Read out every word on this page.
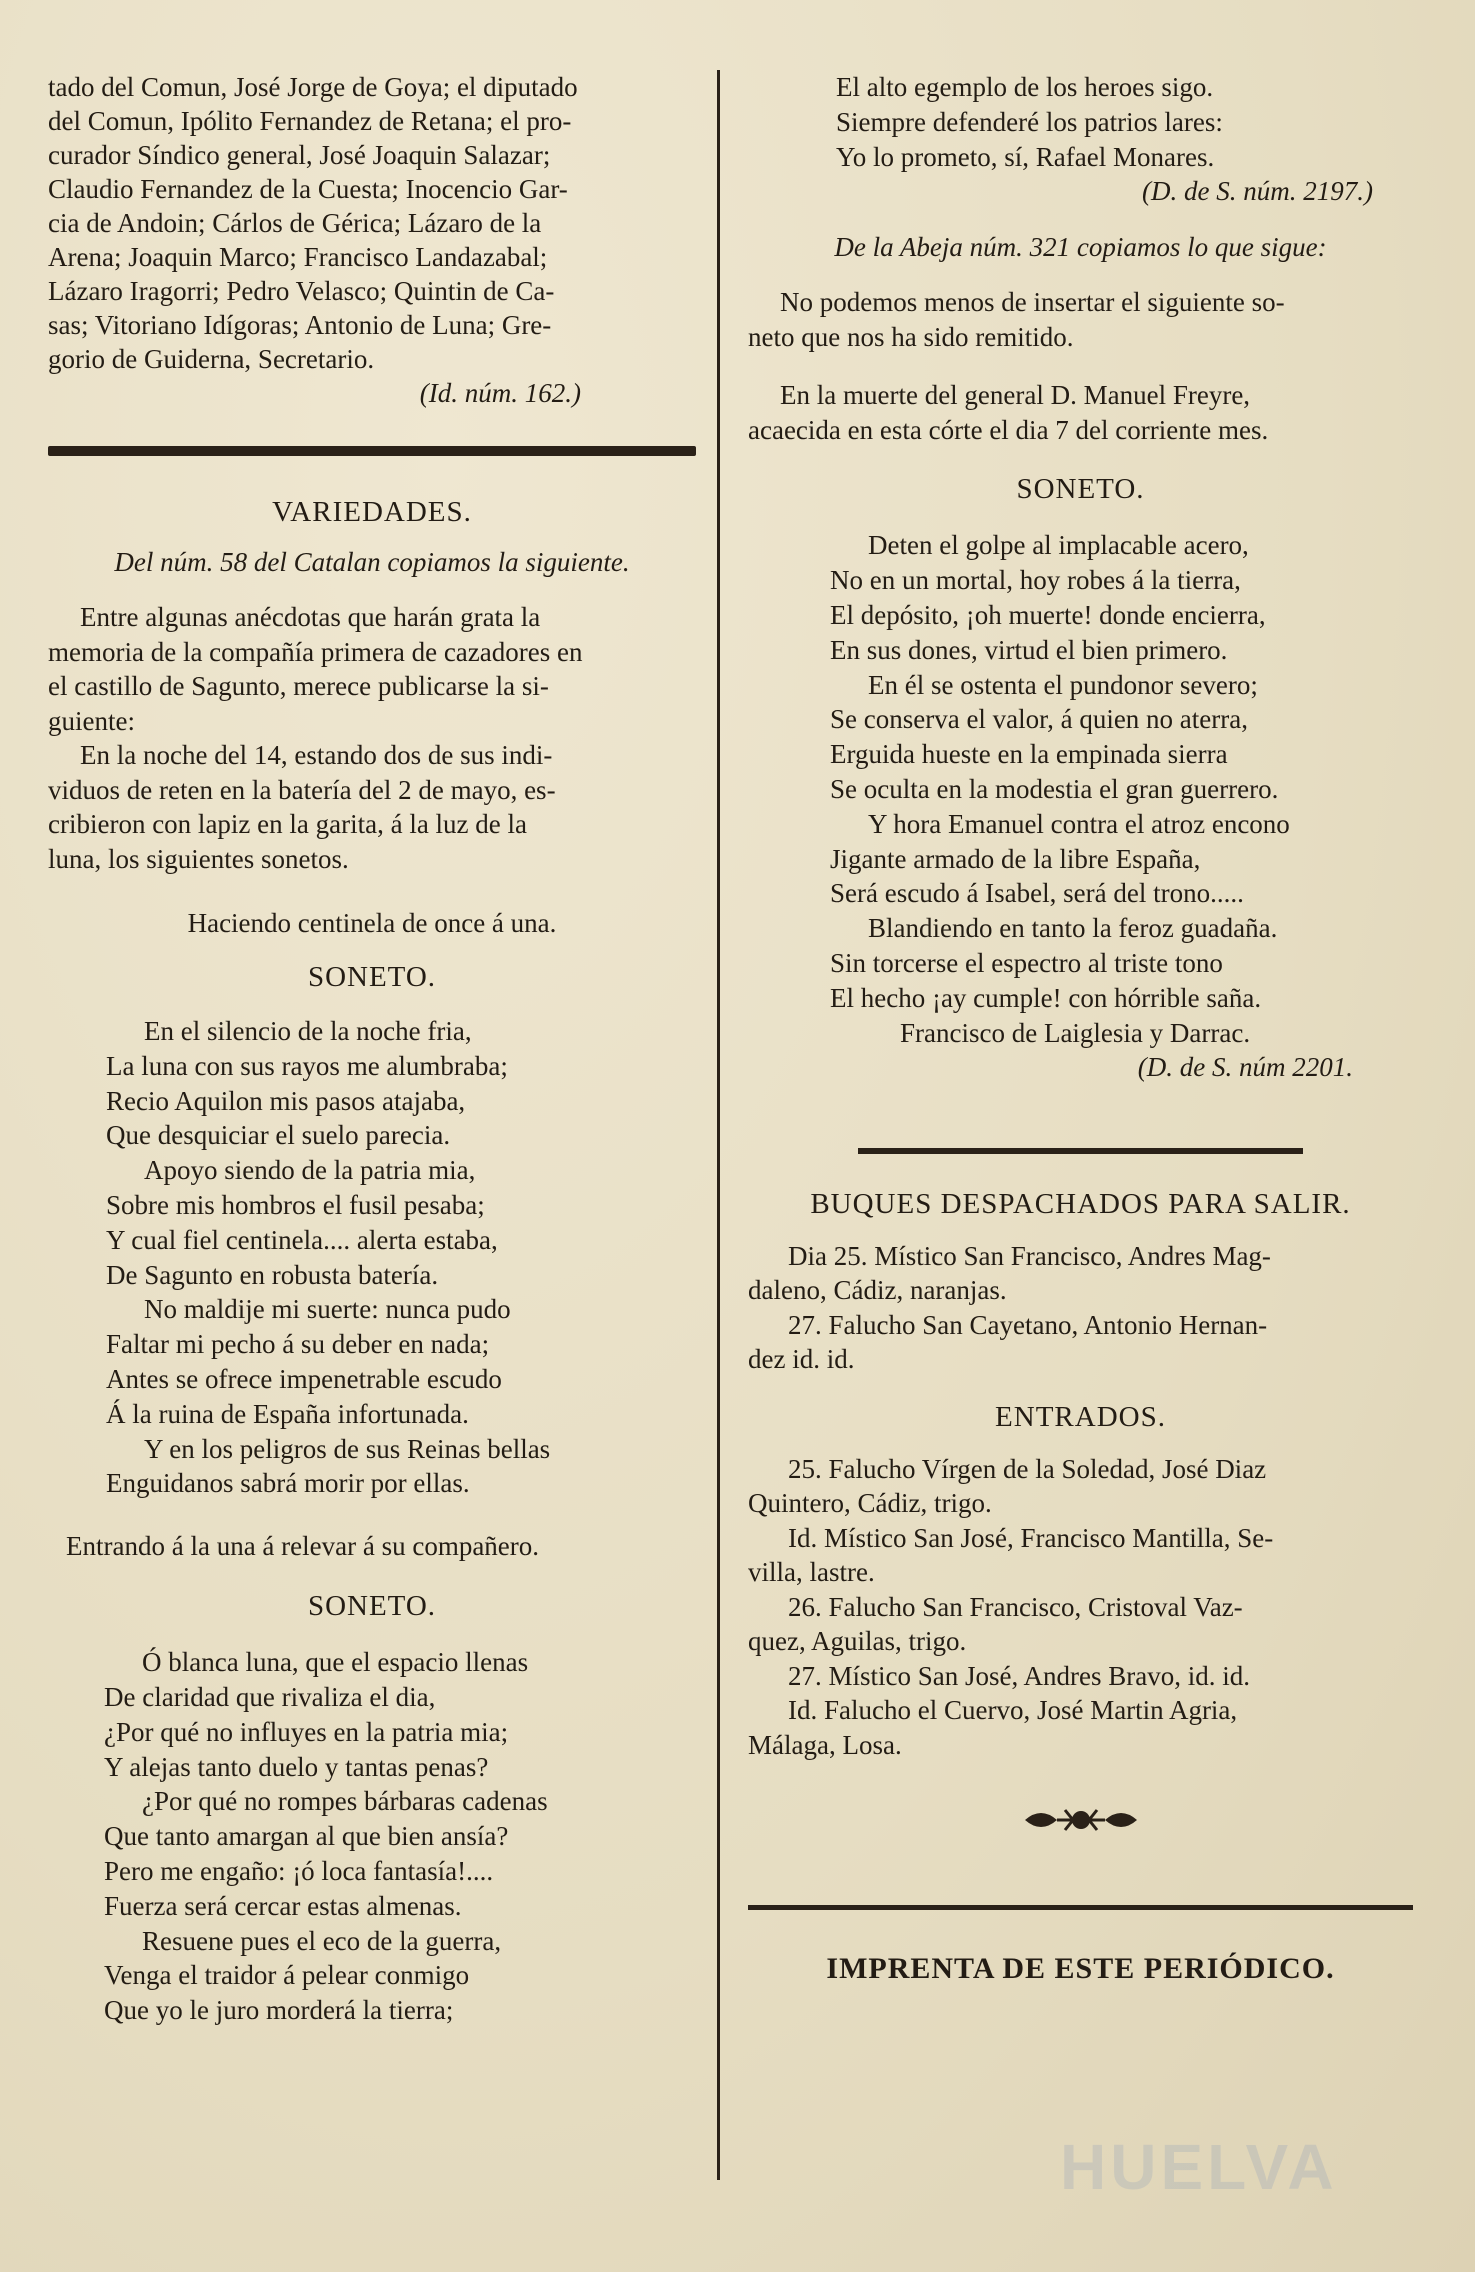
tado del Comun, José Jorge de Goya; el diputado
del Comun, Ipólito Fernandez de Retana; el pro-
curador Síndico general, José Joaquin Salazar;
Claudio Fernandez de la Cuesta; Inocencio Gar-
cia de Andoin; Cárlos de Gérica; Lázaro de la
Arena; Joaquin Marco; Francisco Landazabal;
Lázaro Iragorri; Pedro Velasco; Quintin de Ca-
sas; Vitoriano Idígoras; Antonio de Luna; Gre-
gorio de Guiderna, Secretario.
(Id. núm. 162.)
VARIEDADES.
Del núm. 58 del Catalan copiamos la siguiente.
Entre algunas anécdotas que harán grata la
memoria de la compañía primera de cazadores en
el castillo de Sagunto, merece publicarse la si-
guiente:
En la noche del 14, estando dos de sus indi-
viduos de reten en la batería del 2 de mayo, es-
cribieron con lapiz en la garita, á la luz de la
luna, los siguientes sonetos.
Haciendo centinela de once á una.
SONETO.
En el silencio de la noche fria,
La luna con sus rayos me alumbraba;
Recio Aquilon mis pasos atajaba,
Que desquiciar el suelo parecia.
Apoyo siendo de la patria mia,
Sobre mis hombros el fusil pesaba;
Y cual fiel centinela.... alerta estaba,
De Sagunto en robusta batería.
No maldije mi suerte: nunca pudo
Faltar mi pecho á su deber en nada;
Antes se ofrece impenetrable escudo
Á la ruina de España infortunada.
Y en los peligros de sus Reinas bellas
Enguidanos sabrá morir por ellas.
Entrando á la una á relevar á su compañero.
SONETO.
Ó blanca luna, que el espacio llenas
De claridad que rivaliza el dia,
¿Por qué no influyes en la patria mia;
Y alejas tanto duelo y tantas penas?
¿Por qué no rompes bárbaras cadenas
Que tanto amargan al que bien ansía?
Pero me engaño: ¡ó loca fantasía!....
Fuerza será cercar estas almenas.
Resuene pues el eco de la guerra,
Venga el traidor á pelear conmigo
Que yo le juro morderá la tierra;
El alto egemplo de los heroes sigo.
Siempre defenderé los patrios lares:
Yo lo prometo, sí, Rafael Monares.
(D. de S. núm. 2197.)
De la Abeja núm. 321 copiamos lo que sigue:
No podemos menos de insertar el siguiente so-
neto que nos ha sido remitido.
En la muerte del general D. Manuel Freyre,
acaecida en esta córte el dia 7 del corriente mes.
SONETO.
Deten el golpe al implacable acero,
No en un mortal, hoy robes á la tierra,
El depósito, ¡oh muerte! donde encierra,
En sus dones, virtud el bien primero.
En él se ostenta el pundonor severo;
Se conserva el valor, á quien no aterra,
Erguida hueste en la empinada sierra
Se oculta en la modestia el gran guerrero.
Y hora Emanuel contra el atroz encono
Jigante armado de la libre España,
Será escudo á Isabel, será del trono.....
Blandiendo en tanto la feroz guadaña.
Sin torcerse el espectro al triste tono
El hecho ¡ay cumple! con hórrible saña.
Francisco de Laiglesia y Darrac.
(D. de S. núm 2201.
BUQUES DESPACHADOS PARA SALIR.
Dia 25. Místico San Francisco, Andres Mag-
daleno, Cádiz, naranjas.
27. Falucho San Cayetano, Antonio Hernan-
dez id. id.
ENTRADOS.
25. Falucho Vírgen de la Soledad, José Diaz
Quintero, Cádiz, trigo.
Id. Místico San José, Francisco Mantilla, Se-
villa, lastre.
26. Falucho San Francisco, Cristoval Vaz-
quez, Aguilas, trigo.
27. Místico San José, Andres Bravo, id. id.
Id. Falucho el Cuervo, José Martin Agria,
Málaga, Losa.
IMPRENTA DE ESTE PERIÓDICO.
HUELVA
